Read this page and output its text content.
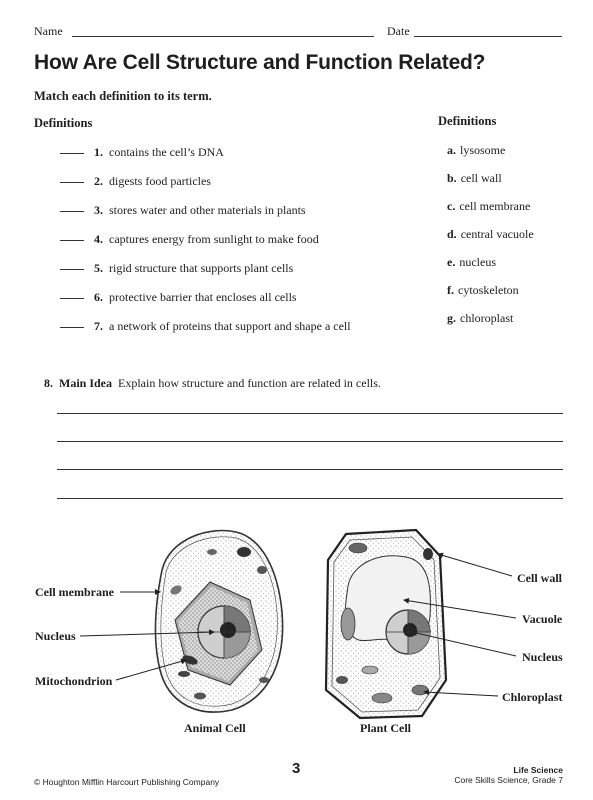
Name	Date
How Are Cell Structure and Function Related?
Match each definition to its term.
Definitions	Definitions
1. contains the cell’s DNA
2. digests food particles
3. stores water and other materials in plants
4. captures energy from sunlight to make food
5. rigid structure that supports plant cells
6. protective barrier that encloses all cells
7. a network of proteins that support and shape a cell
a. lysosome
b. cell wall
c. cell membrane
d. central vacuole
e. nucleus
f. cytoskeleton
g. chloroplast
8. Main Idea Explain how structure and function are related in cells.
Cell membrane
Nucleus
Mitochondrion
Cell wall
Vacuole
Nucleus
Chloroplast
Animal Cell	Plant Cell
© Houghton Mifflin Harcourt Publishing Company
3	Life Science
Core Skills Science, Grade 7
